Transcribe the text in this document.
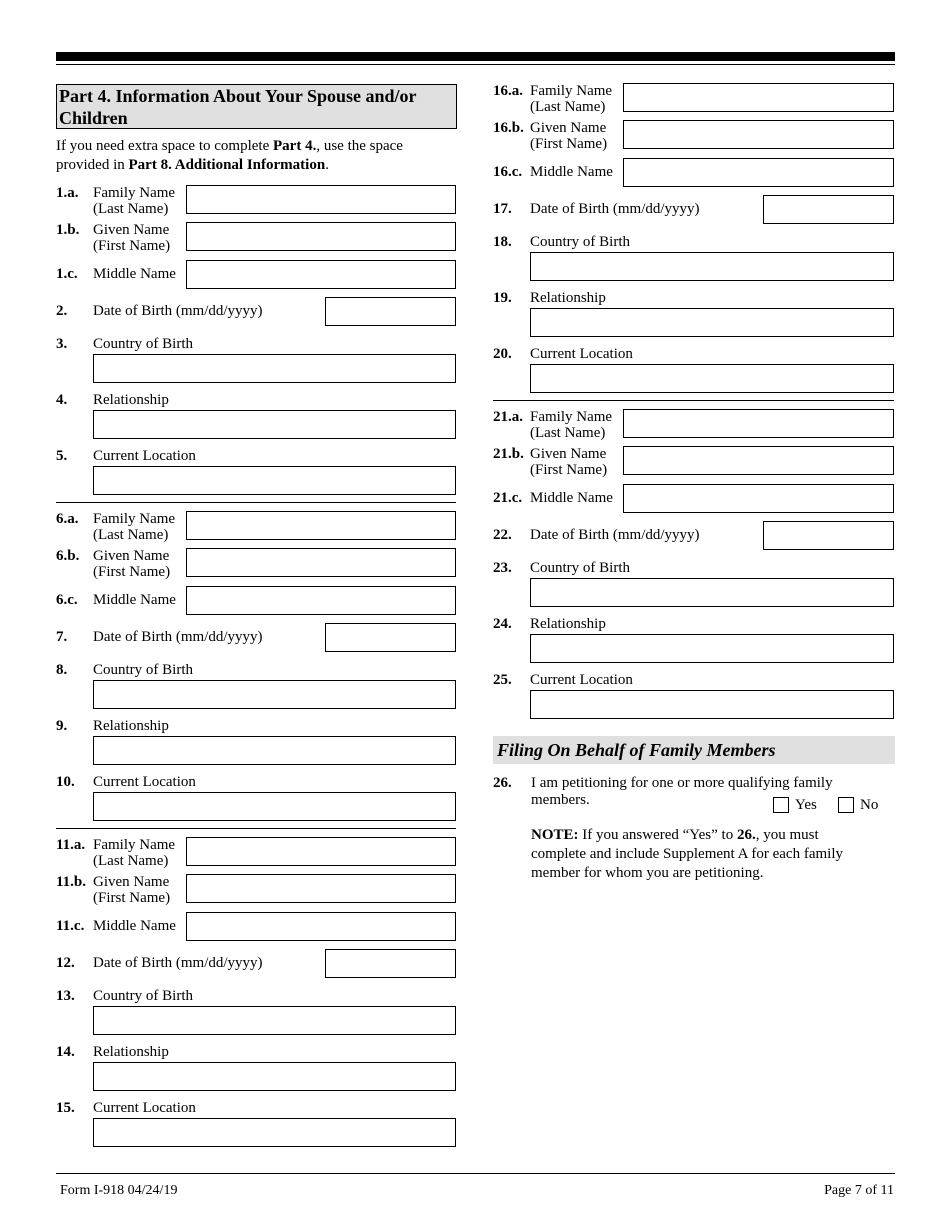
Part 4. Information About Your Spouse and/or Children
If you need extra space to complete Part 4., use the space provided in Part 8. Additional Information.
1.a. Family Name
(Last Name)
1.b. Given Name
(First Name)
1.c. Middle Name
2. Date of Birth (mm/dd/yyyy)
3. Country of Birth
4. Relationship
5. Current Location
6.a. Family Name
(Last Name)
6.b. Given Name
(First Name)
6.c. Middle Name
7. Date of Birth (mm/dd/yyyy)
8. Country of Birth
9. Relationship
10. Current Location
11.a. Family Name
(Last Name)
11.b. Given Name
(First Name)
11.c. Middle Name
12. Date of Birth (mm/dd/yyyy)
13. Country of Birth
14. Relationship
15. Current Location
16.a. Family Name
(Last Name)
16.b. Given Name
(First Name)
16.c. Middle Name
17. Date of Birth (mm/dd/yyyy)
18. Country of Birth
19. Relationship
20. Current Location
21.a. Family Name
(Last Name)
21.b. Given Name
(First Name)
21.c. Middle Name
22. Date of Birth (mm/dd/yyyy)
23. Country of Birth
24. Relationship
25. Current Location
Filing On Behalf of Family Members
26. I am petitioning for one or more qualifying family members.	Yes	No
NOTE: If you answered “Yes” to 26., you must complete and include Supplement A for each family member for whom you are petitioning.
Form I-918 04/24/19	Page 7 of 11
